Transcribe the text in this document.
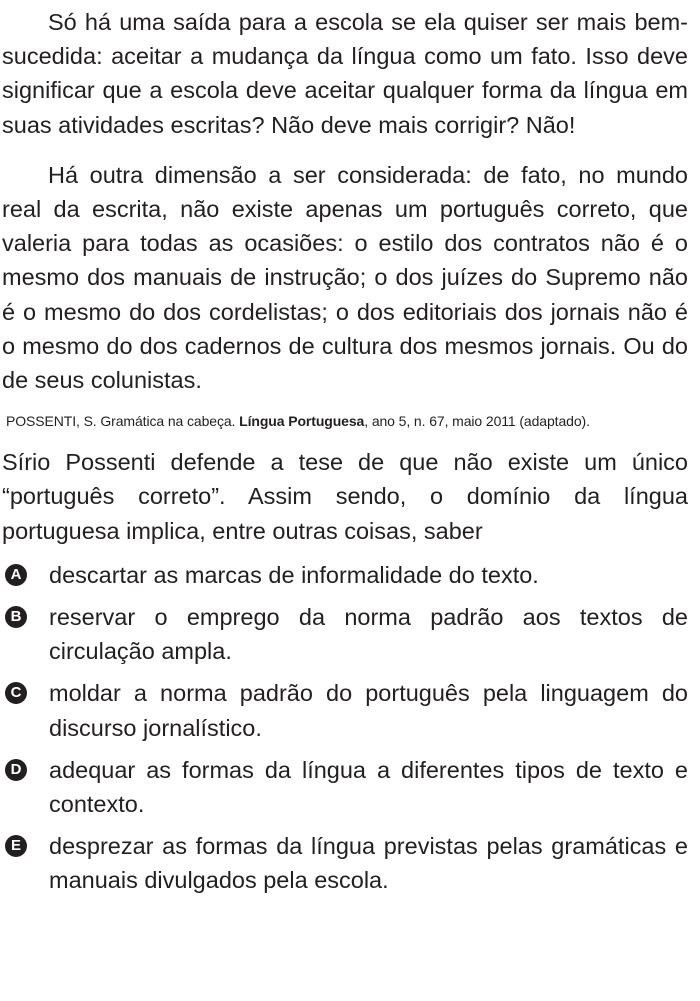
Só há uma saída para a escola se ela quiser ser mais bem-sucedida: aceitar a mudança da língua como um fato. Isso deve significar que a escola deve aceitar qualquer forma da língua em suas atividades escritas? Não deve mais corrigir? Não!

Há outra dimensão a ser considerada: de fato, no mundo real da escrita, não existe apenas um português correto, que valeria para todas as ocasiões: o estilo dos contratos não é o mesmo dos manuais de instrução; o dos juízes do Supremo não é o mesmo do dos cordelistas; o dos editoriais dos jornais não é o mesmo do dos cadernos de cultura dos mesmos jornais. Ou do de seus colunistas.

POSSENTI, S. Gramática na cabeça. Língua Portuguesa, ano 5, n. 67, maio 2011 (adaptado).

Sírio Possenti defende a tese de que não existe um único “português correto”. Assim sendo, o domínio da língua portuguesa implica, entre outras coisas, saber

A descartar as marcas de informalidade do texto.
B reservar o emprego da norma padrão aos textos de circulação ampla.
C moldar a norma padrão do português pela linguagem do discurso jornalístico.
D adequar as formas da língua a diferentes tipos de texto e contexto.
E desprezar as formas da língua previstas pelas gramáticas e manuais divulgados pela escola.
